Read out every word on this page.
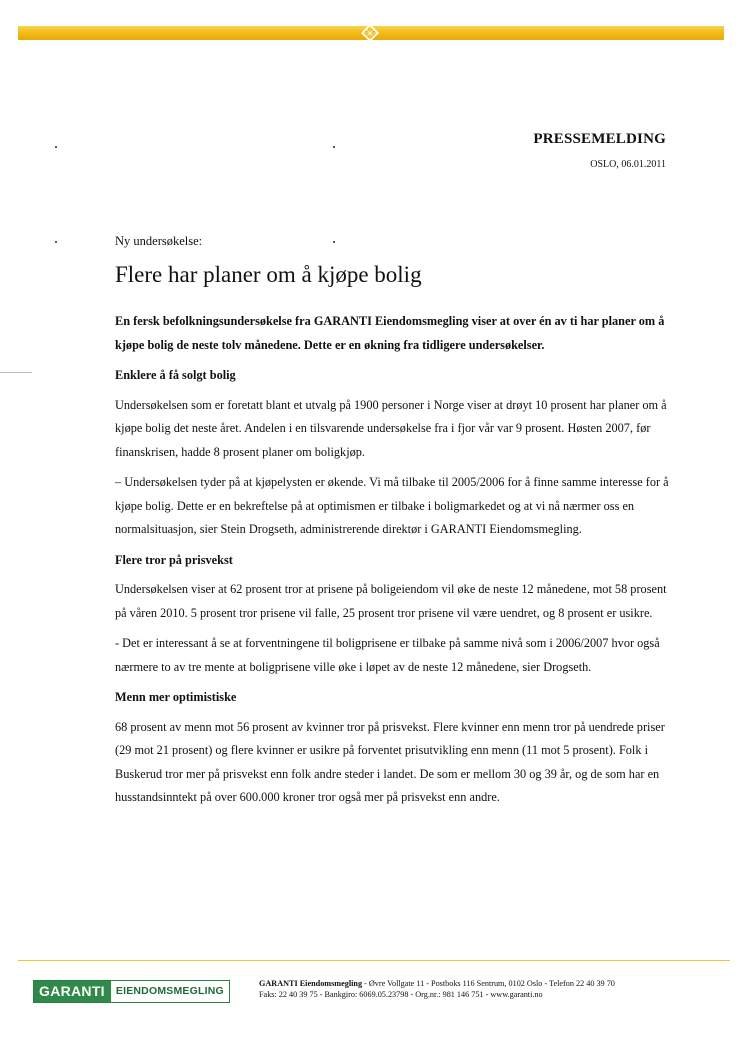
PRESSEMELDING
OSLO, 06.01.2011
Ny undersøkelse:
Flere har planer om å kjøpe bolig

En fersk befolkningsundersøkelse fra GARANTI Eiendomsmegling viser at over én av ti har planer om å kjøpe bolig de neste tolv månedene. Dette er en økning fra tidligere undersøkelser.

Enklere å få solgt bolig

Undersøkelsen som er foretatt blant et utvalg på 1900 personer i Norge viser at drøyt 10 prosent har planer om å kjøpe bolig det neste året. Andelen i en tilsvarende undersøkelse fra i fjor vår var 9 prosent. Høsten 2007, før finanskrisen, hadde 8 prosent planer om boligkjøp.

– Undersøkelsen tyder på at kjøpelysten er økende. Vi må tilbake til 2005/2006 for å finne samme interesse for å kjøpe bolig. Dette er en bekreftelse på at optimismen er tilbake i boligmarkedet og at vi nå nærmer oss en normalsituasjon, sier Stein Drogseth, administrerende direktør i GARANTI Eiendomsmegling.

Flere tror på prisvekst

Undersøkelsen viser at 62 prosent tror at prisene på boligeiendom vil øke de neste 12 månedene, mot 58 prosent på våren 2010. 5 prosent tror prisene vil falle, 25 prosent tror prisene vil være uendret, og 8 prosent er usikre.

- Det er interessant å se at forventningene til boligprisene er tilbake på samme nivå som i 2006/2007 hvor også nærmere to av tre mente at boligprisene ville øke i løpet av de neste 12 månedene, sier Drogseth.

Menn mer optimistiske

68 prosent av menn mot 56 prosent av kvinner tror på prisvekst. Flere kvinner enn menn tror på uendrede priser (29 mot 21 prosent) og flere kvinner er usikre på forventet prisutvikling enn menn (11 mot 5 prosent). Folk i Buskerud tror mer på prisvekst enn folk andre steder i landet. De som er mellom 30 og 39 år, og de som har en husstandsinntekt på over 600.000 kroner tror også mer på prisvekst enn andre.

GARANTI	EIENDOMSMEGLING
GARANTI Eiendomsmegling - Øvre Vollgate 11 - Postboks 116 Sentrum, 0102 Oslo - Telefon 22 40 39 70
Faks: 22 40 39 75 - Bankgiro: 6069.05.23798 - Org.nr.: 981 146 751 - www.garanti.no
